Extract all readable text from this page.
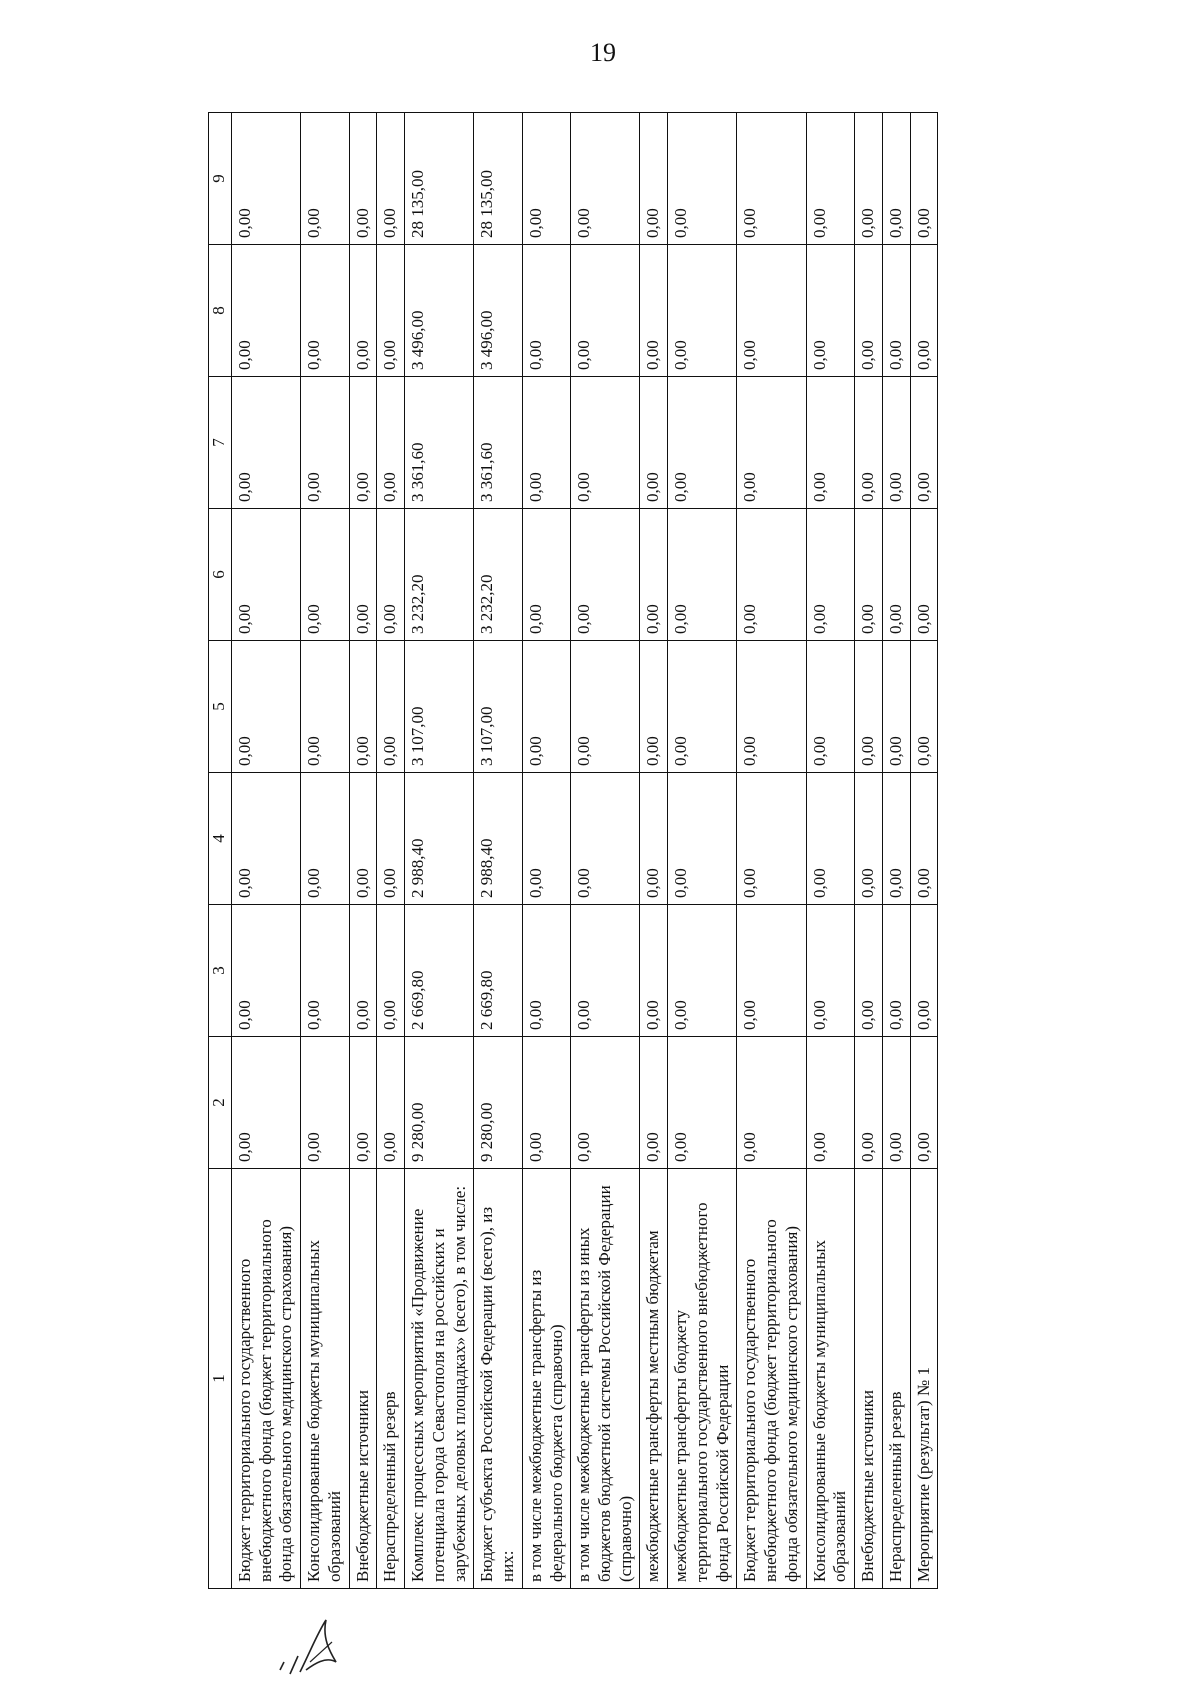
19
1	2	3	4	5	6	7	8	9
Бюджет территориального государственного внебюджетного фонда (бюджет территориального фонда обязательного медицинского страхования)	0,00	0,00	0,00	0,00	0,00	0,00	0,00	0,00
Консолидированные бюджеты муниципальных образований	0,00	0,00	0,00	0,00	0,00	0,00	0,00	0,00
Внебюджетные источники	0,00	0,00	0,00	0,00	0,00	0,00	0,00	0,00
Нераспределенный резерв	0,00	0,00	0,00	0,00	0,00	0,00	0,00	0,00
Комплекс процессных мероприятий «Продвижение потенциала города Севастополя на российских и зарубежных деловых площадках» (всего), в том числе:	9 280,00	2 669,80	2 988,40	3 107,00	3 232,20	3 361,60	3 496,00	28 135,00
Бюджет субъекта Российской Федерации (всего), из них:	9 280,00	2 669,80	2 988,40	3 107,00	3 232,20	3 361,60	3 496,00	28 135,00
в том числе межбюджетные трансферты из федерального бюджета (справочно)	0,00	0,00	0,00	0,00	0,00	0,00	0,00	0,00
в том числе межбюджетные трансферты из иных бюджетов бюджетной системы Российской Федерации (справочно)	0,00	0,00	0,00	0,00	0,00	0,00	0,00	0,00
межбюджетные трансферты местным бюджетам	0,00	0,00	0,00	0,00	0,00	0,00	0,00	0,00
межбюджетные трансферты бюджету территориального государственного внебюджетного фонда Российской Федерации	0,00	0,00	0,00	0,00	0,00	0,00	0,00	0,00
Бюджет территориального государственного внебюджетного фонда (бюджет территориального фонда обязательного медицинского страхования)	0,00	0,00	0,00	0,00	0,00	0,00	0,00	0,00
Консолидированные бюджеты муниципальных образований	0,00	0,00	0,00	0,00	0,00	0,00	0,00	0,00
Внебюджетные источники	0,00	0,00	0,00	0,00	0,00	0,00	0,00	0,00
Нераспределенный резерв	0,00	0,00	0,00	0,00	0,00	0,00	0,00	0,00
Мероприятие (результат) № 1	0,00	0,00	0,00	0,00	0,00	0,00	0,00	0,00
